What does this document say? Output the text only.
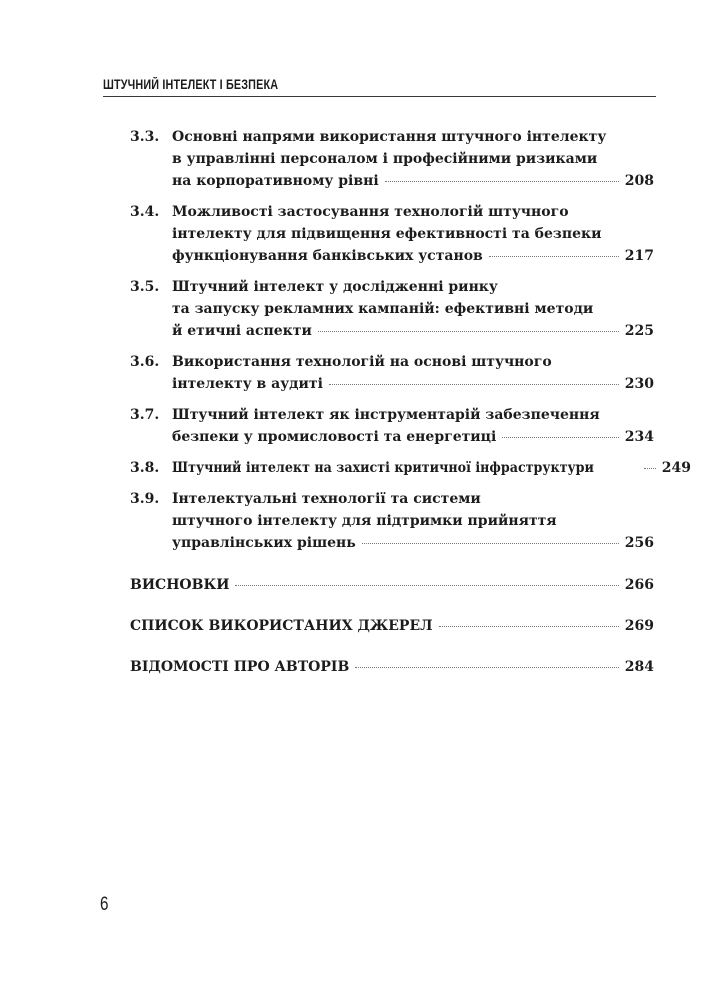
ШТУЧНИЙ ІНТЕЛЕКТ І БЕЗПЕКА
3.3. Основні напрями використання штучного інтелекту
в управлінні персоналом і професійними ризиками
на корпоративному рівні	208
3.4. Можливості застосування технологій штучного
інтелекту для підвищення ефективності та безпеки
функціонування банківських установ	217
3.5. Штучний інтелект у дослідженні ринку
та запуску рекламних кампаній: ефективні методи
й етичні аспекти	225
3.6. Використання технологій на основі штучного
інтелекту в аудиті	230
3.7. Штучний інтелект як інструментарій забезпечення
безпеки у промисловості та енергетиці	234
3.8. Штучний інтелект на захисті критичної інфраструктури	249
3.9. Інтелектуальні технології та системи
штучного інтелекту для підтримки прийняття
управлінських рішень	256
ВИСНОВКИ	266
СПИСОК ВИКОРИСТАНИХ ДЖЕРЕЛ	269
ВІДОМОСТІ ПРО АВТОРІВ	284
6
